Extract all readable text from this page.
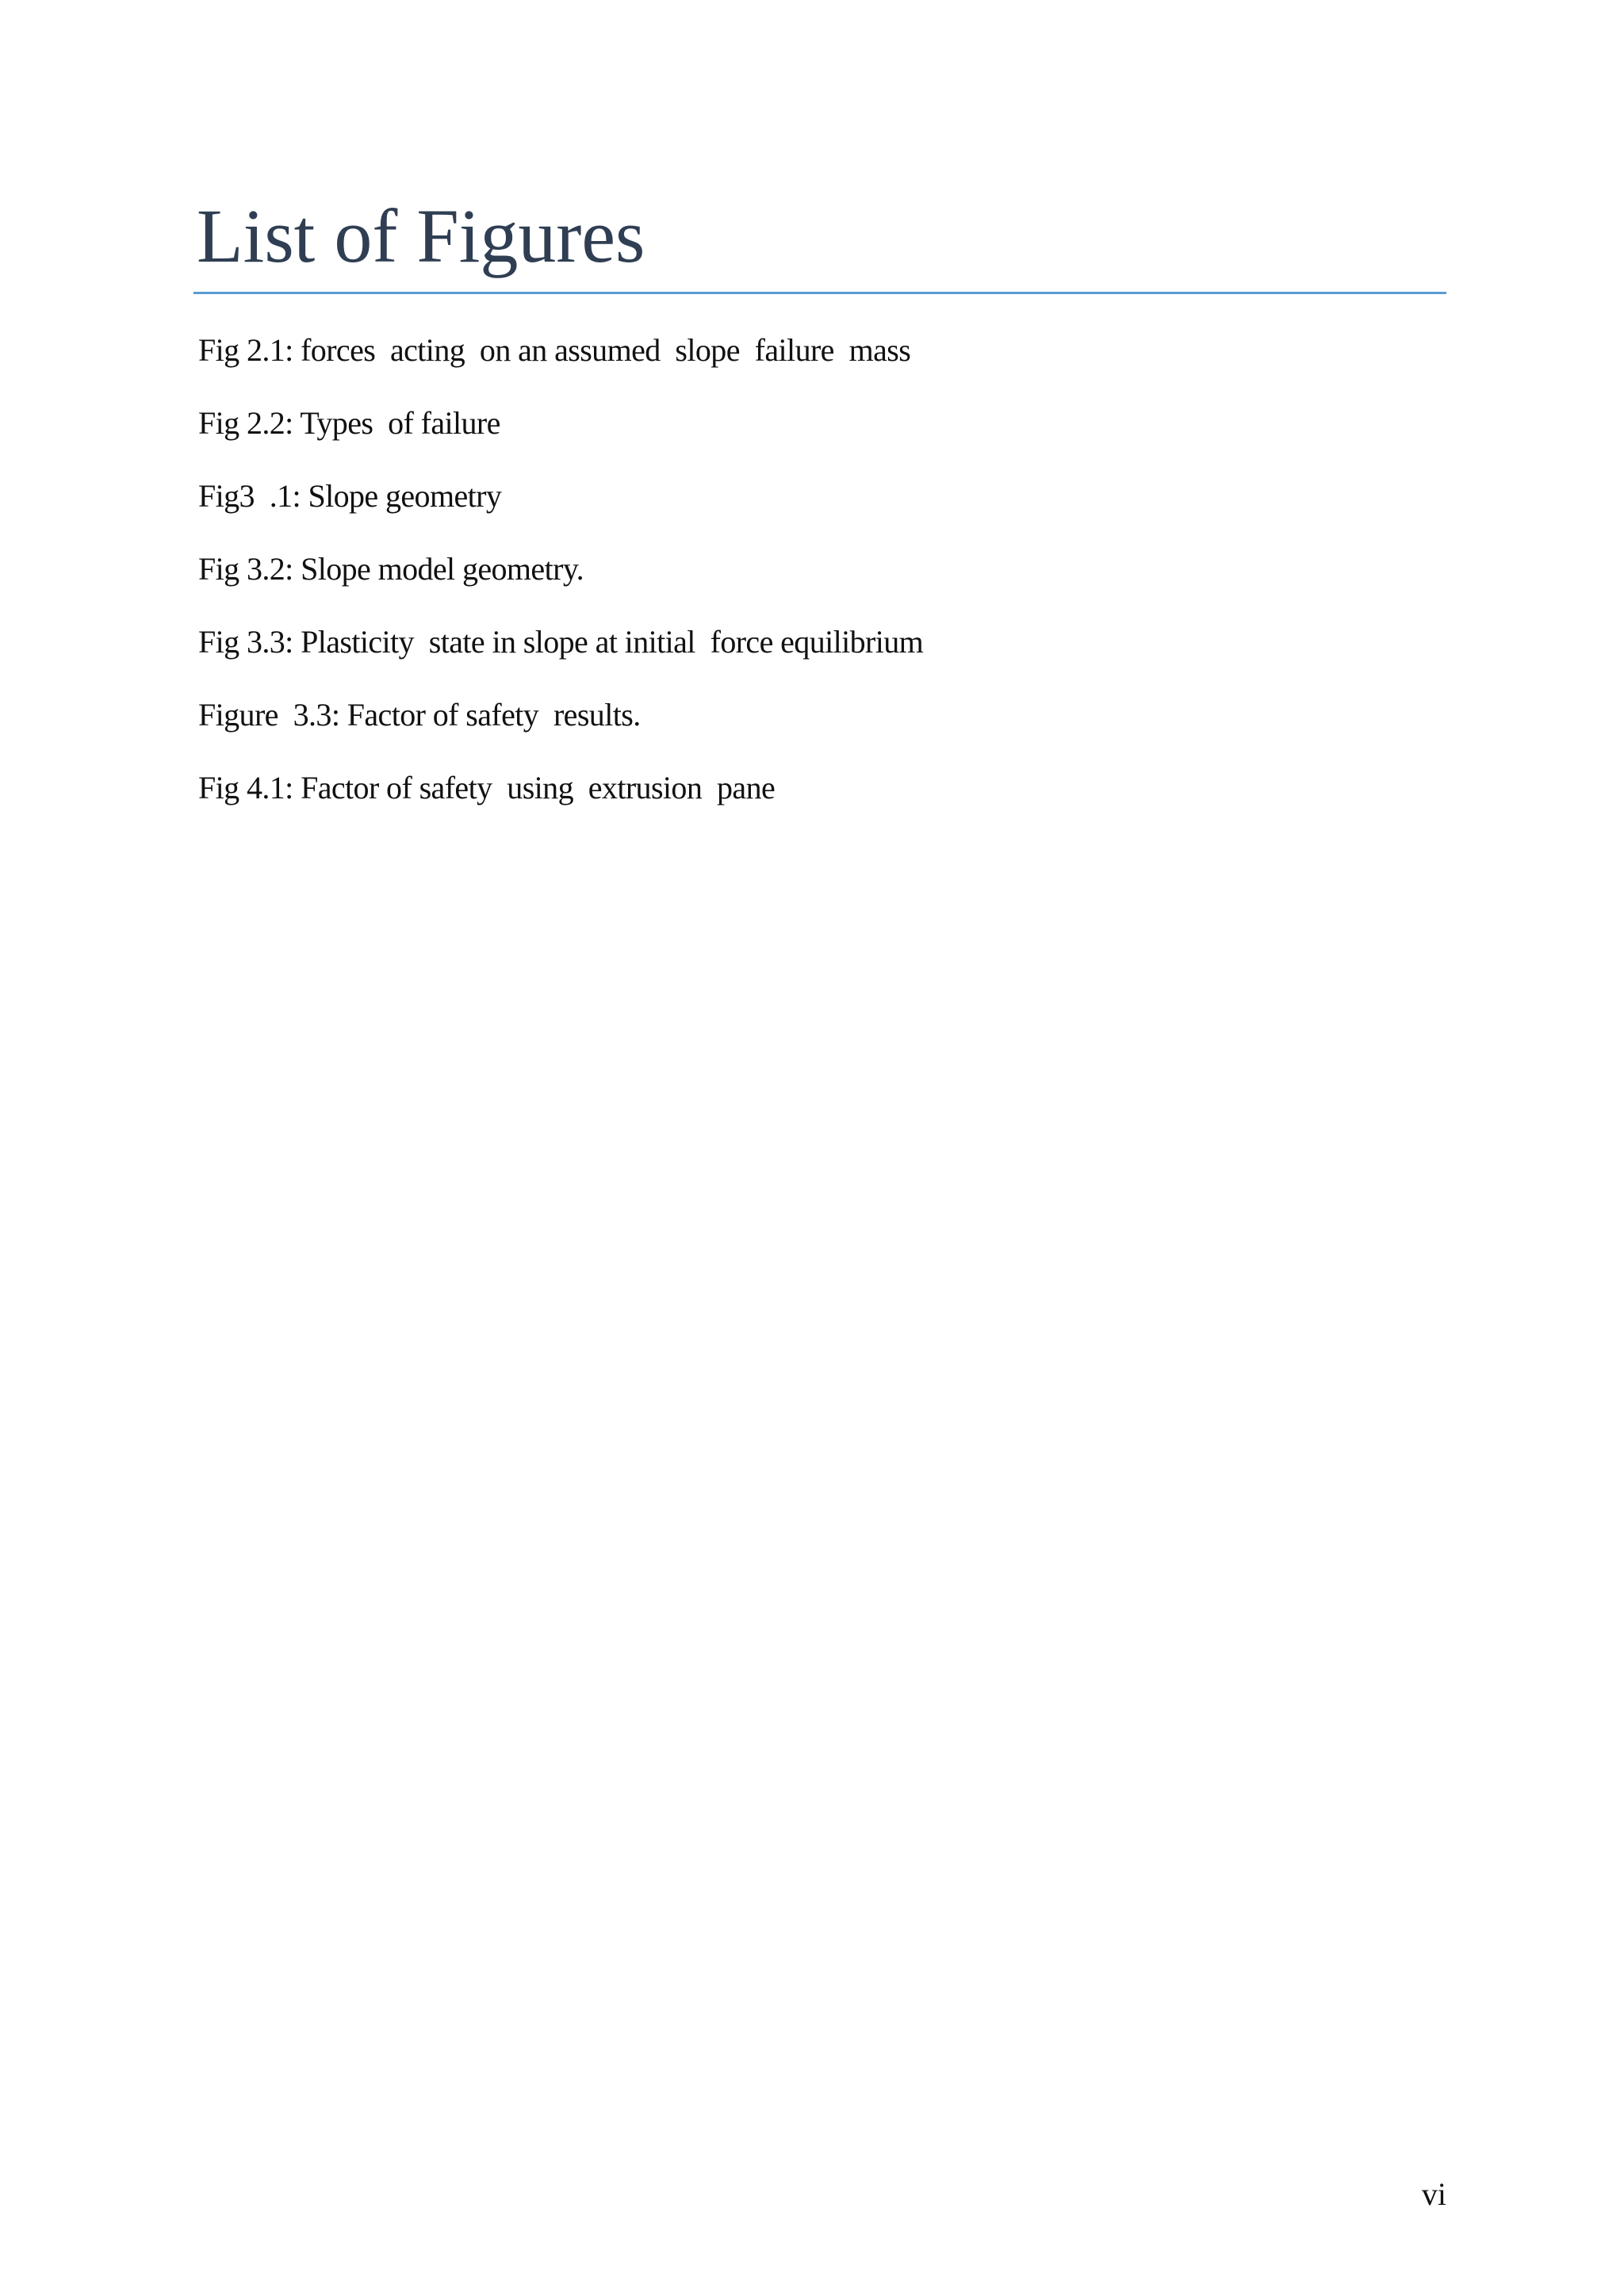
List of Figures
Fig 2.1: forces  acting  on an assumed  slope  failure  mass
Fig 2.2: Types  of failure
Fig3  .1: Slope geometry
Fig 3.2: Slope model geometry.
Fig 3.3: Plasticity  state in slope at initial  force equilibrium
Figure  3.3: Factor of safety  results.
Fig 4.1: Factor of safety  using  extrusion  pane
vi
